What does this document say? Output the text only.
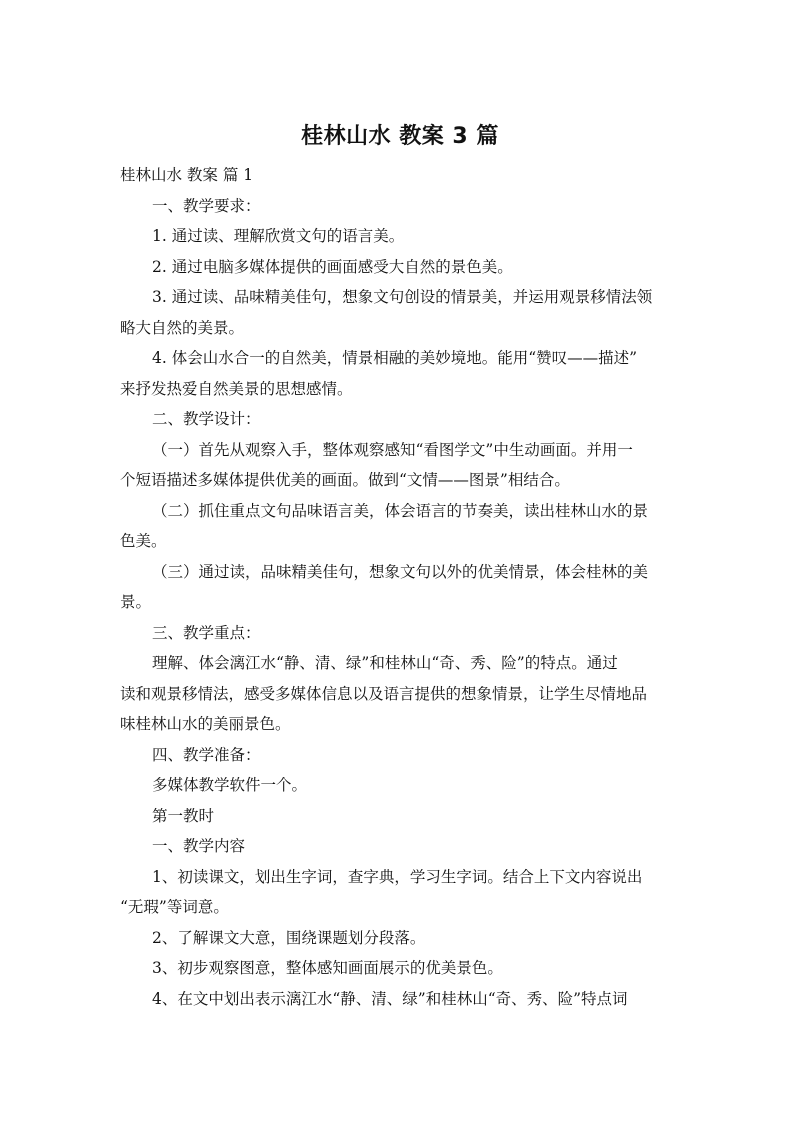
桂林山水 教案 3 篇
桂林山水 教案 篇 1
一、教学要求：
1. 通过读、理解欣赏文句的语言美。
2. 通过电脑多媒体提供的画面感受大自然的景色美。
3. 通过读、品味精美佳句，想象文句创设的情景美，并运用观景移情法领
略大自然的美景。
4. 体会山水合一的自然美，情景相融的美妙境地。能用“赞叹——描述”
来抒发热爱自然美景的思想感情。
二、教学设计：
（一）首先从观察入手，整体观察感知“看图学文”中生动画面。并用一
个短语描述多媒体提供优美的画面。做到“文情——图景”相结合。
（二）抓住重点文句品味语言美，体会语言的节奏美，读出桂林山水的景
色美。
（三）通过读，品味精美佳句，想象文句以外的优美情景，体会桂林的美
景。
三、教学重点：
理解、体会漓江水“静、清、绿”和桂林山“奇、秀、险”的特点。通过
读和观景移情法，感受多媒体信息以及语言提供的想象情景，让学生尽情地品
味桂林山水的美丽景色。
四、教学准备：
多媒体教学软件一个。
第一教时
一、教学内容
1、初读课文，划出生字词，查字典，学习生字词。结合上下文内容说出
“无瑕”等词意。
2、了解课文大意，围绕课题划分段落。
3、初步观察图意，整体感知画面展示的优美景色。
4、在文中划出表示漓江水“静、清、绿”和桂林山“奇、秀、险”特点词
